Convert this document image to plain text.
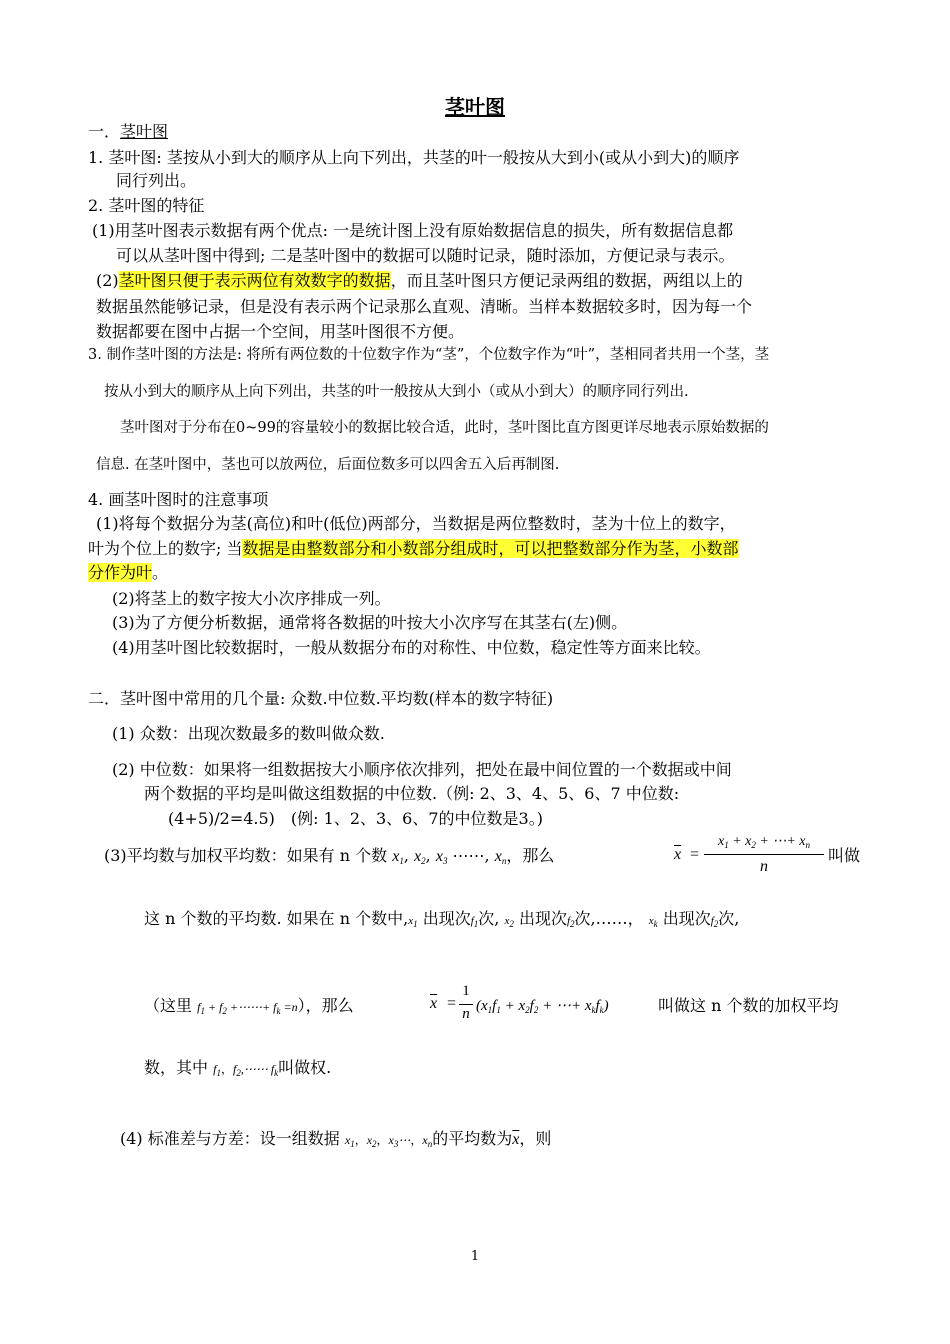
茎叶图
一．茎叶图
1. 茎叶图: 茎按从小到大的顺序从上向下列出，共茎的叶一般按从大到小(或从小到大)的顺序
同行列出。
2. 茎叶图的特征
(1)用茎叶图表示数据有两个优点: 一是统计图上没有原始数据信息的损失，所有数据信息都
可以从茎叶图中得到; 二是茎叶图中的数据可以随时记录，随时添加，方便记录与表示。
(2)茎叶图只便于表示两位有效数字的数据，而且茎叶图只方便记录两组的数据，两组以上的
数据虽然能够记录，但是没有表示两个记录那么直观、清晰。当样本数据较多时，因为每一个
数据都要在图中占据一个空间，用茎叶图很不方便。
3. 制作茎叶图的方法是: 将所有两位数的十位数字作为“茎”，个位数字作为“叶”，茎相同者共用一个茎，茎
按从小到大的顺序从上向下列出，共茎的叶一般按从大到小（或从小到大）的顺序同行列出.
茎叶图对于分布在0~99的容量较小的数据比较合适，此时，茎叶图比直方图更详尽地表示原始数据的
信息. 在茎叶图中，茎也可以放两位，后面位数多可以四舍五入后再制图.
4. 画茎叶图时的注意事项
(1)将每个数据分为茎(高位)和叶(低位)两部分，当数据是两位整数时，茎为十位上的数字，
叶为个位上的数字; 当数据是由整数部分和小数部分组成时，可以把整数部分作为茎，小数部
分作为叶。
(2)将茎上的数字按大小次序排成一列。
(3)为了方便分析数据，通常将各数据的叶按大小次序写在其茎右(左)侧。
(4)用茎叶图比较数据时，一般从数据分布的对称性、中位数，稳定性等方面来比较。
二．茎叶图中常用的几个量: 众数.中位数.平均数(样本的数字特征)
(1) 众数：出现次数最多的数叫做众数.
(2) 中位数：如果将一组数据按大小顺序依次排列，把处在最中间位置的一个数据或中间
两个数据的平均是叫做这组数据的中位数.（例: 2、3、4、5、6、7 中位数:
(4+5)/2=4.5)　(例: 1、2、3、6、7的中位数是3。)
(3)平均数与加权平均数：如果有 n 个数 $x_1$, $x_2$, $x_3$ ⋯⋯, $x_n$，那么	$\overline{x}$ =
$x_1 + x_2$ + ⋯+ $x_n$
n
叫做
这 n 个数的平均数. 如果在 n 个数中$,x_1$ 出现次$f_1$次, $x_2$ 出现次$f_2$次,……， $x_k$ 出现次$f_2$次,
（这里 $f_1 + f_2$ +⋯⋯+ $f_k =n$），那么	$\overline{x}$ =
1
n ($x_1f_1 + x_2f_2$ + ⋯+ $x_kf_k$)	叫做这 n 个数的加权平均
数，其中 $f_1$，$f_2,\cdots\cdots$ $f_k$叫做权.
(4) 标准差与方差：设一组数据 $x_1$，$x_2$，$x_3\cdots$，$x_n$的平均数为$\overline{x}$，则
1
